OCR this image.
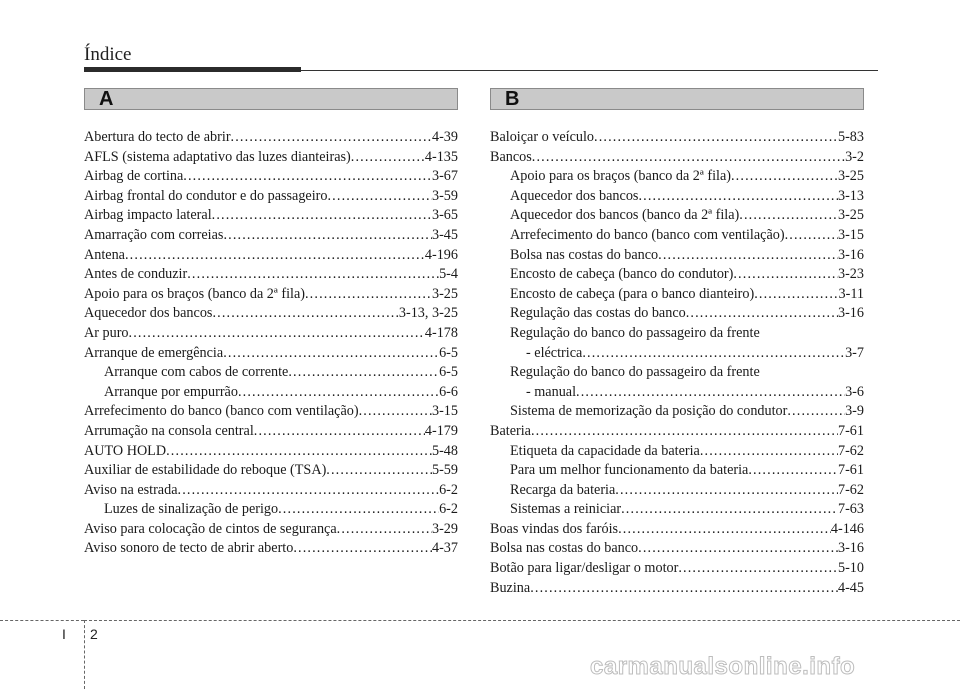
Índice
A	B
Abertura do tecto de abrir . . .	4-39
AFLS (sistema adaptativo das luzes dianteiras) . . .	4-135
Airbag de cortina . . .	3-67
Airbag frontal do condutor e do passageiro . . .	3-59
Airbag impacto lateral . . .	3-65
Amarração com correias . . .	3-45
Antena . . .	4-196
Antes de conduzir . . .	5-4
Apoio para os braços (banco da 2ª fila) . . .	3-25
Aquecedor dos bancos . . .	3-13, 3-25
Ar puro . . .	4-178
Arranque de emergência . . .	6-5
Arranque com cabos de corrente . . .	6-5
Arranque por empurrão . . .	6-6
Arrefecimento do banco (banco com ventilação) . . .	3-15
Arrumação na consola central . . .	4-179
AUTO HOLD . . .	5-48
Auxiliar de estabilidade do reboque (TSA) . . .	5-59
Aviso na estrada . . .	6-2
Luzes de sinalização de perigo . . .	6-2
Aviso para colocação de cintos de segurança . . .	3-29
Aviso sonoro de tecto de abrir aberto . . .	4-37
Baloiçar o veículo . . .	5-83
Bancos . . .	3-2
Apoio para os braços (banco da 2ª fila) . . .	3-25
Aquecedor dos bancos . . .	3-13
Aquecedor dos bancos (banco da 2ª fila) . . .	3-25
Arrefecimento do banco (banco com ventilação) . . .	3-15
Bolsa nas costas do banco . . .	3-16
Encosto de cabeça (banco do condutor) . . .	3-23
Encosto de cabeça (para o banco dianteiro) . . .	3-11
Regulação das costas do banco . . .	3-16
Regulação do banco do passageiro da frente
- eléctrica . . .	3-7
Regulação do banco do passageiro da frente
- manual . . .	3-6
Sistema de memorização da posição do condutor . . .	3-9
Bateria . . .	7-61
Etiqueta da capacidade da bateria . . .	7-62
Para um melhor funcionamento da bateria . . .	7-61
Recarga da bateria . . .	7-62
Sistemas a reiniciar . . .	7-63
Boas vindas dos faróis . . .	4-146
Bolsa nas costas do banco . . .	3-16
Botão para ligar/desligar o motor . . .	5-10
Buzina . . .	4-45
I 2
carmanualsonline.info
